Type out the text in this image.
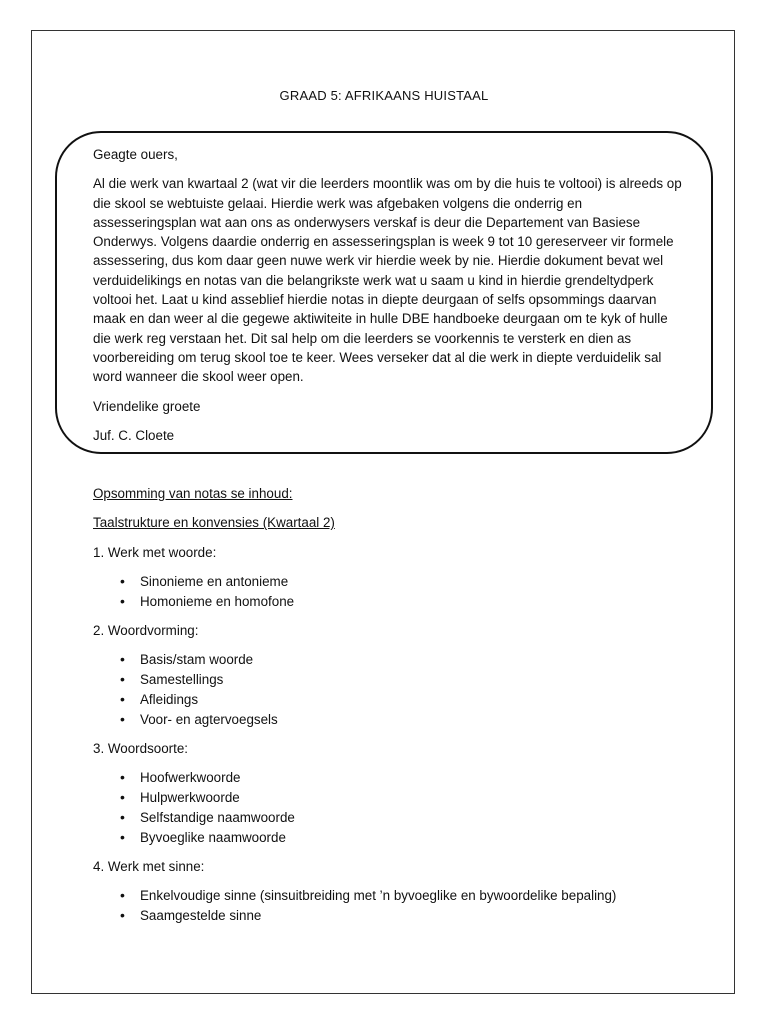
GRAAD 5: AFRIKAANS HUISTAAL

Geagte ouers,

Al die werk van kwartaal 2 (wat vir die leerders moontlik was om by die huis te voltooi) is alreeds op die skool se webtuiste gelaai. Hierdie werk was afgebaken volgens die onderrig en assesseringsplan wat aan ons as onderwysers verskaf is deur die Departement van Basiese Onderwys. Volgens daardie onderrig en assesseringsplan is week 9 tot 10 gereserveer vir formele assessering, dus kom daar geen nuwe werk vir hierdie week by nie. Hierdie dokument bevat wel verduidelikings en notas van die belangrikste werk wat u saam u kind in hierdie grendeltydperk voltooi het. Laat u kind asseblief hierdie notas in diepte deurgaan of selfs opsommings daarvan maak en dan weer al die gegewe aktiwiteite in hulle DBE handboeke deurgaan om te kyk of hulle die werk reg verstaan het. Dit sal help om die leerders se voorkennis te versterk en dien as voorbereiding om terug skool toe te keer. Wees verseker dat al die werk in diepte verduidelik sal word wanneer die skool weer open.

Vriendelike groete

Juf. C. Cloete

Opsomming van notas se inhoud:

Taalstrukture en konvensies (Kwartaal 2)

1. Werk met woorde:

• Sinonieme en antonieme
• Homonieme en homofone

2. Woordvorming:

• Basis/stam woorde
• Samestellings
• Afleidings
• Voor- en agtervoegsels

3. Woordsoorte:

• Hoofwerkwoorde
• Hulpwerkwoorde
• Selfstandige naamwoorde
• Byvoeglike naamwoorde

4. Werk met sinne:

• Enkelvoudige sinne (sinsuitbreiding met ’n byvoeglike en bywoordelike bepaling)
• Saamgestelde sinne
